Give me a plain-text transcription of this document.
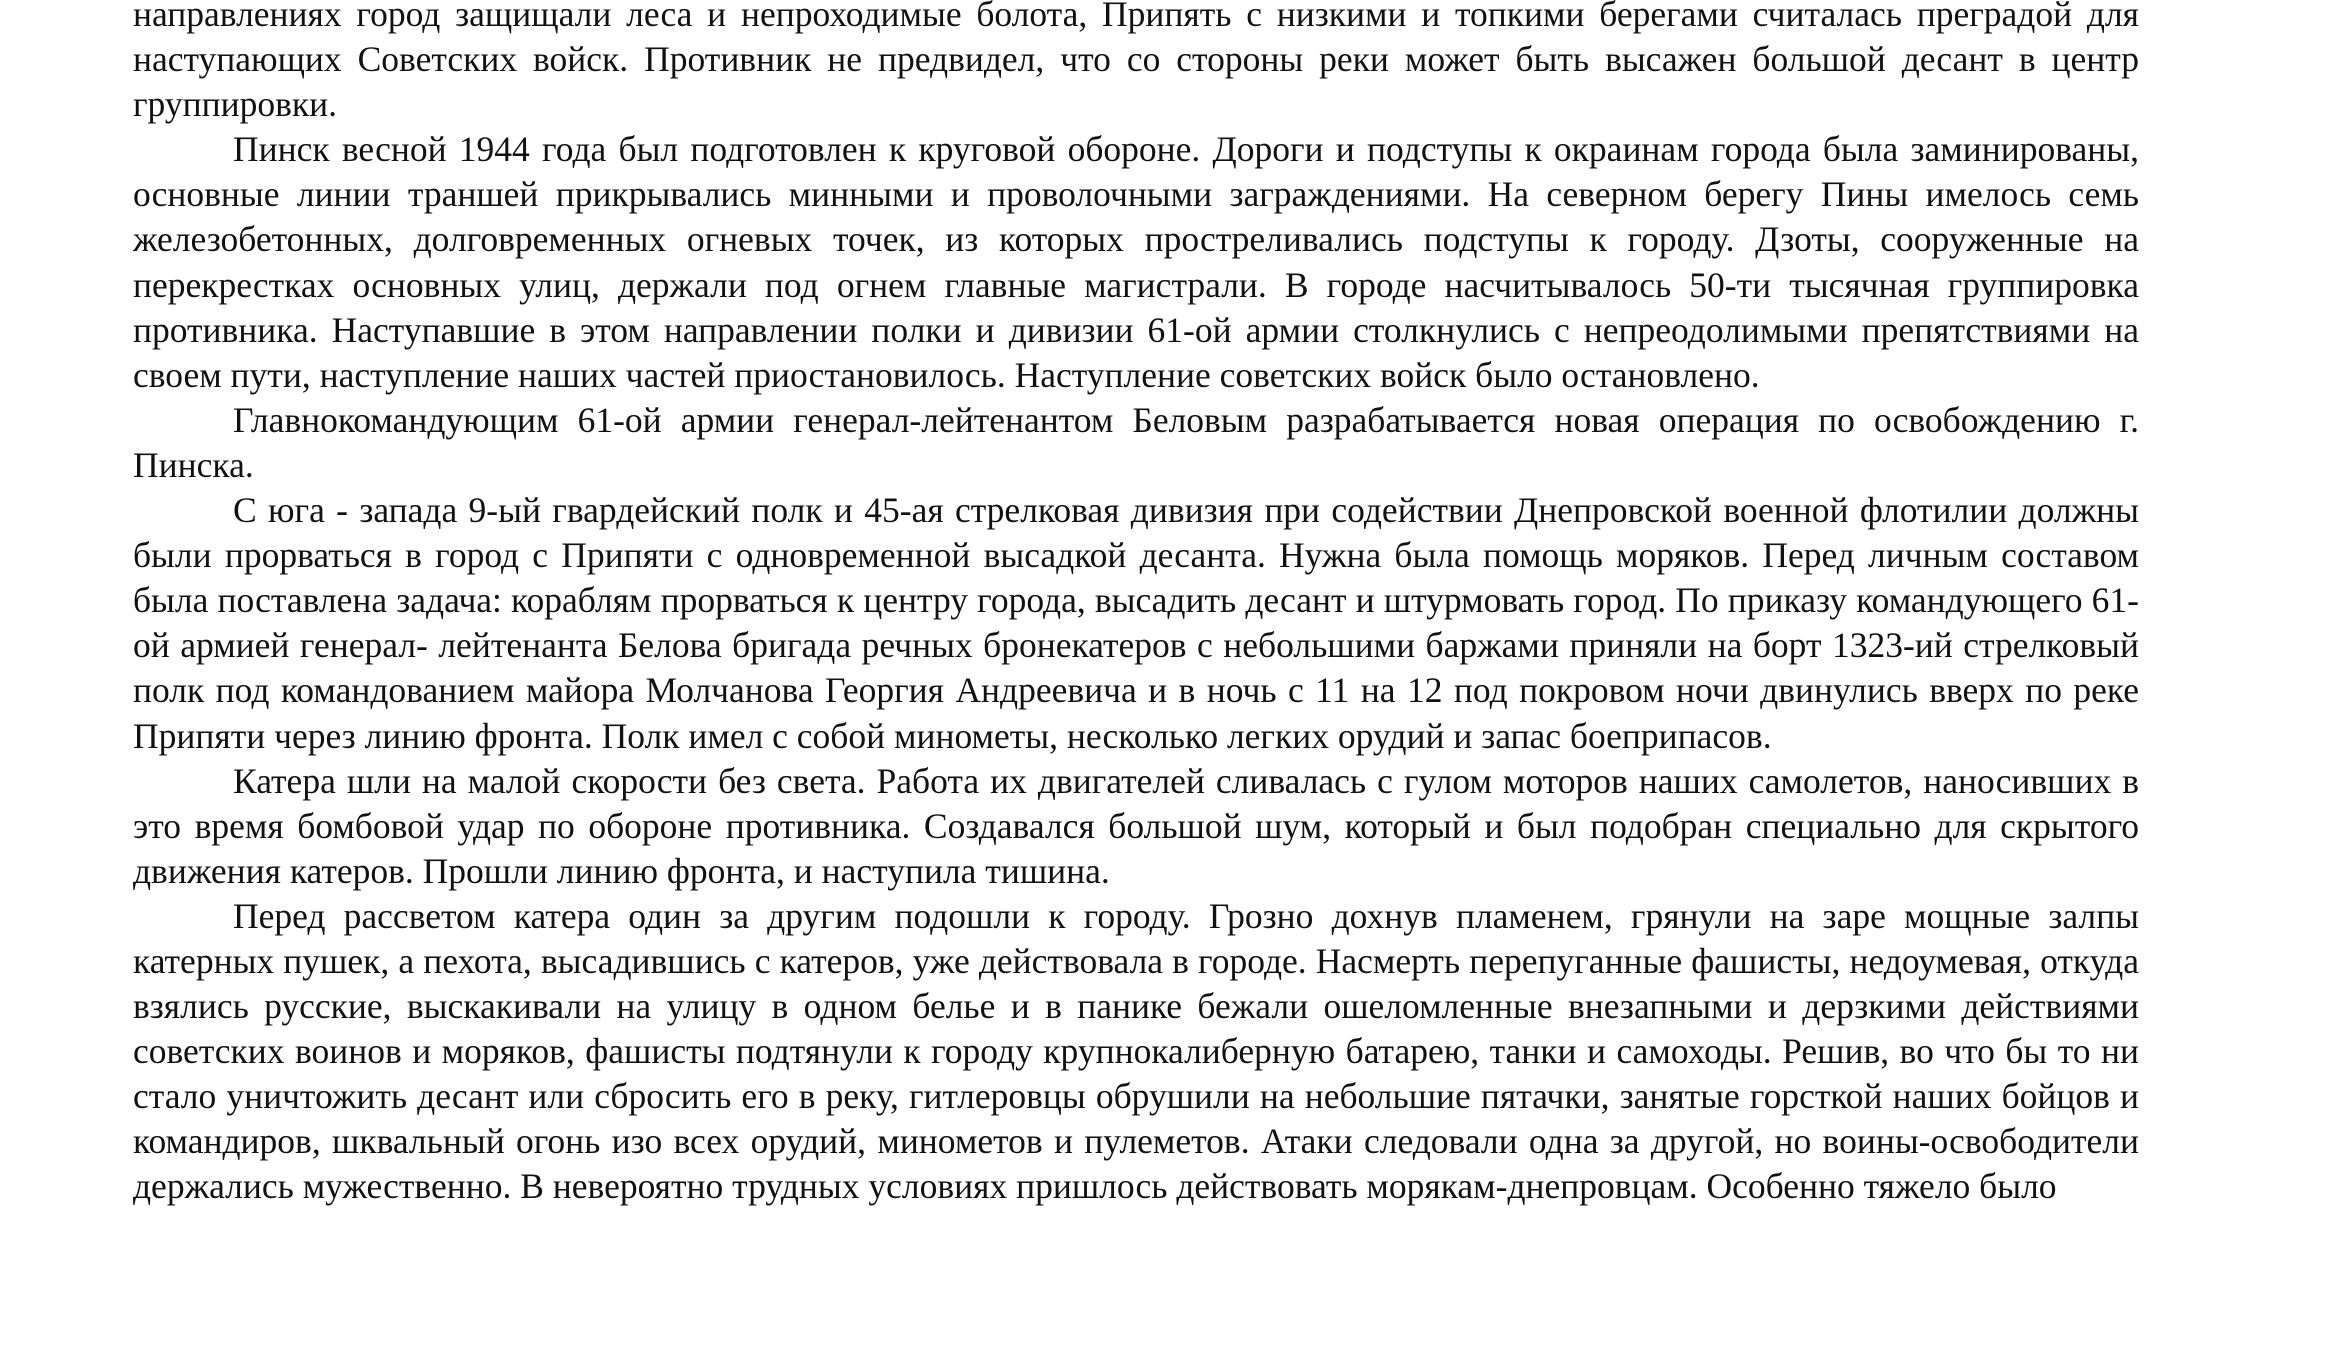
направлениях город защищали леса и непроходимые болота, Припять с низкими и топкими берегами считалась преградой для наступающих Советских войск. Противник не предвидел, что со стороны реки может быть высажен большой десант в центр группировки.

Пинск весной 1944 года был подготовлен к круговой обороне. Дороги и подступы к окраинам города была заминированы, основные линии траншей прикрывались минными и проволочными заграждениями. На северном берегу Пины имелось семь железобетонных, долговременных огневых точек, из которых простреливались подступы к городу. Дзоты, сооруженные на перекрестках основных улиц, держали под огнем главные магистрали. В городе насчитывалось 50-ти тысячная группировка противника. Наступавшие в этом направлении полки и дивизии 61-ой армии столкнулись с непреодолимыми препятствиями на своем пути, наступление наших частей приостановилось. Наступление советских войск было остановлено.

Главнокомандующим 61-ой армии генерал-лейтенантом Беловым разрабатывается новая операция по освобождению г. Пинска.

С юга - запада 9-ый гвардейский полк и 45-ая стрелковая дивизия при содействии Днепровской военной флотилии должны были прорваться в город с Припяти с одновременной высадкой десанта. Нужна была помощь моряков. Перед личным составом была поставлена задача: кораблям прорваться к центру города, высадить десант и штурмовать город. По приказу командующего 61-ой армией генерал- лейтенанта Белова бригада речных бронекатеров с небольшими баржами приняли на борт 1323-ий стрелковый полк под командованием майора Молчанова Георгия Андреевича и в ночь с 11 на 12 под покровом ночи двинулись вверх по реке Припяти через линию фронта. Полк имел с собой минометы, несколько легких орудий и запас боеприпасов.

Катера шли на малой скорости без света. Работа их двигателей сливалась с гулом моторов наших самолетов, наносивших в это время бомбовой удар по обороне противника. Создавался большой шум, который и был подобран специально для скрытого движения катеров. Прошли линию фронта, и наступила тишина.

Перед рассветом катера один за другим подошли к городу. Грозно дохнув пламенем, грянули на заре мощные залпы катерных пушек, а пехота, высадившись с катеров, уже действовала в городе. Насмерть перепуганные фашисты, недоумевая, откуда взялись русские, выскакивали на улицу в одном белье и в панике бежали ошеломленные внезапными и дерзкими действиями советских воинов и моряков, фашисты подтянули к городу крупнокалиберную батарею, танки и самоходы. Решив, во что бы то ни стало уничтожить десант или сбросить его в реку, гитлеровцы обрушили на небольшие пятачки, занятые горсткой наших бойцов и командиров, шквальный огонь изо всех орудий, минометов и пулеметов. Атаки следовали одна за другой, но воины-освободители держались мужественно. В невероятно трудных условиях пришлось действовать морякам-днепровцам. Особенно тяжело было
